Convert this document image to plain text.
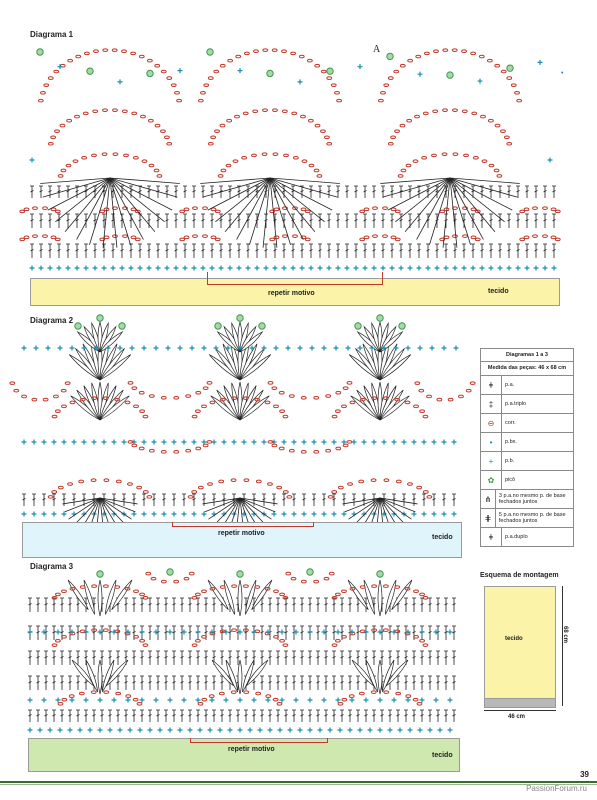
Diagrama 1
A
•
tecido
repetir motivo
Diagrama 2
tecido
repetir motivo
Diagrama 3
tecido
repetir motivo
Diagramas 1 a 3
Medida das peças: 46 x 68 cm
ǂ	p.a.
‡	p.a.triplo
⊖	corr.
•	p.bx.
+	p.b.
✿	picô
⋔	3 p.a.no mesmo p. de base fechados juntos
⋕	5 p.a.no mesmo p. de base fechados juntos
ǂ	p.a.duplo
Esquema de montagem
tecido	68 cm
46 cm
39
PassionForum.ru
